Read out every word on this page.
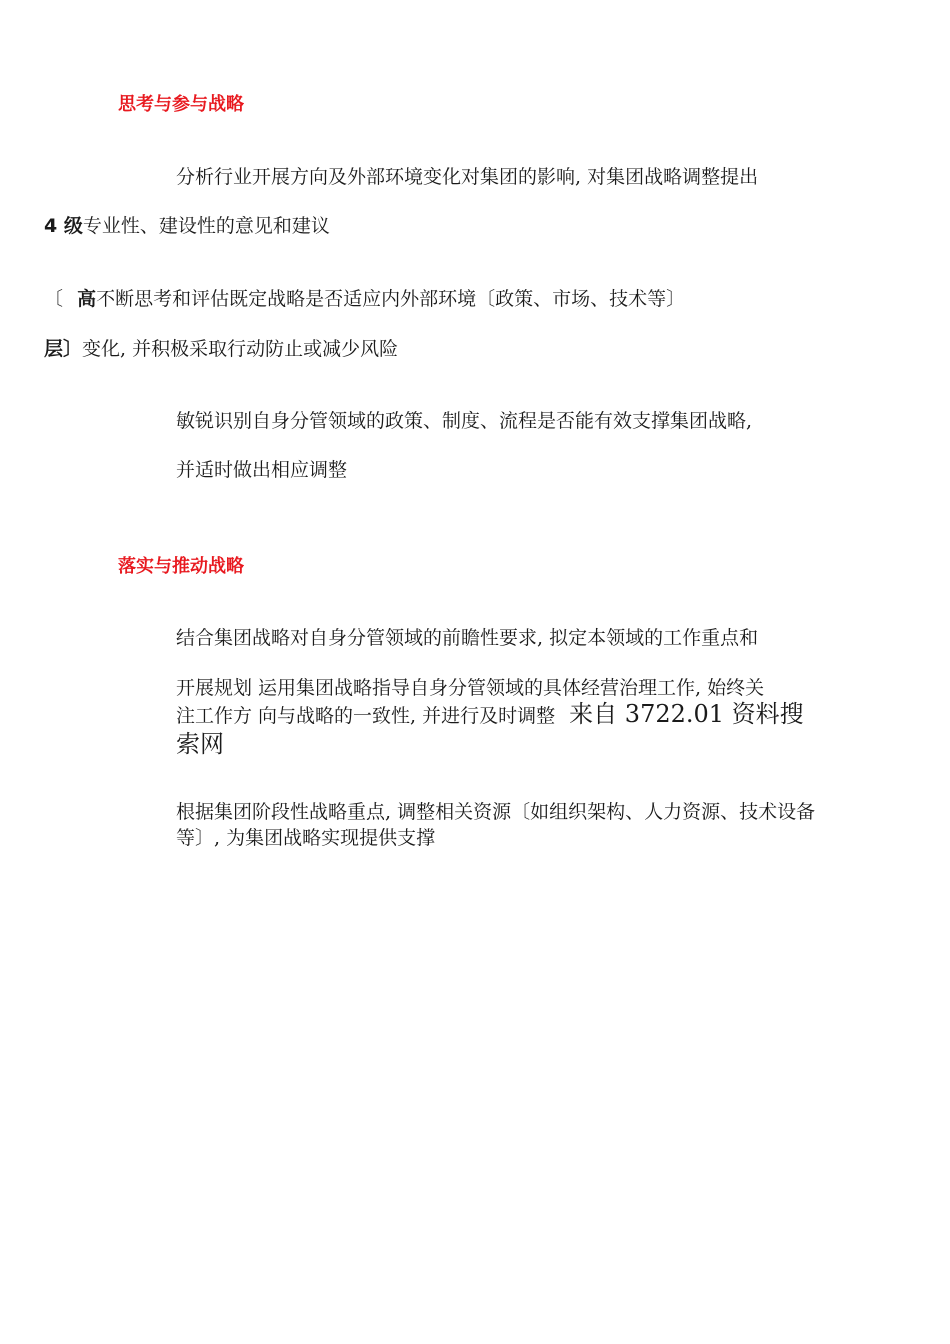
思考与参与战略
分析行业开展方向及外部环境变化对集团的影响, 对集团战略调整提出
4 级专业性、建设性的意见和建议
〔 高不断思考和评估既定战略是否适应内外部环境〔政策、市场、技术等〕
层〕变化, 并积极采取行动防止或减少风险
敏锐识别自身分管领域的政策、制度、流程是否能有效支撑集团战略,
并适时做出相应调整
落实与推动战略
结合集团战略对自身分管领域的前瞻性要求, 拟定本领域的工作重点和
开展规划 运用集团战略指导自身分管领域的具体经营治理工作, 始终关
注工作方 向与战略的一致性, 并进行及时调整 来自 3722.01 资料搜索网
根据集团阶段性战略重点, 调整相关资源〔如组织架构、人力资源、技术设备等〕, 为集团战略实现提供支撑
